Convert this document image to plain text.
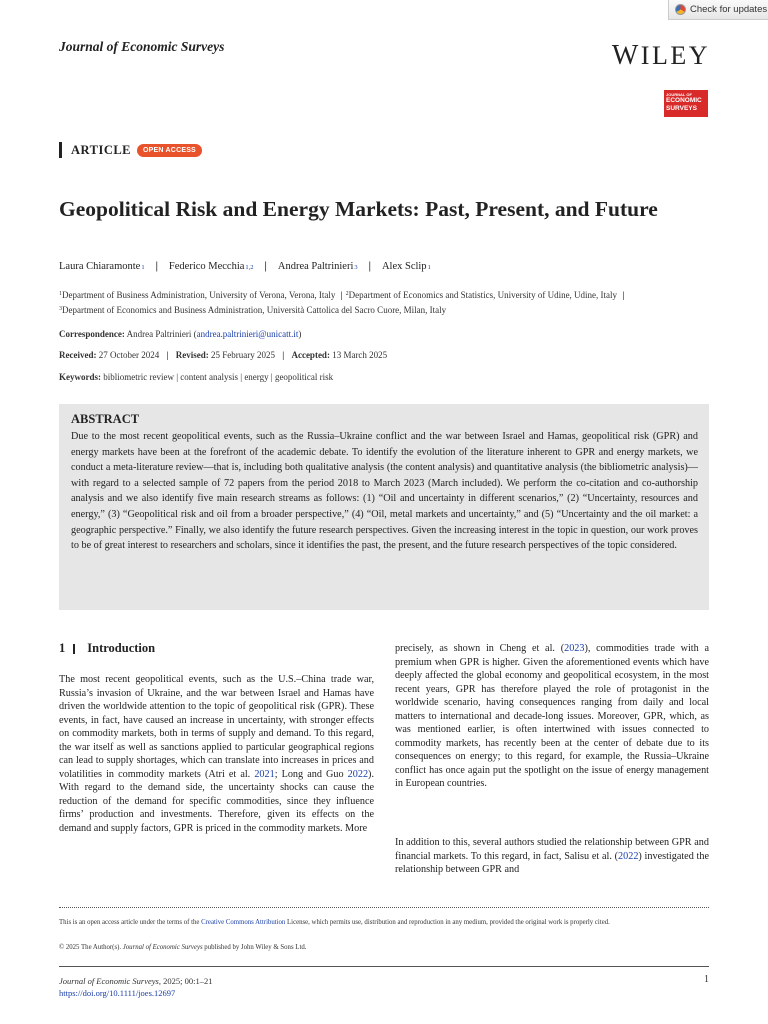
Check for updates
Journal of Economic Surveys	WILEY
JOURNAL OF
ECONOMIC
SURVEYS
ARTICLE	OPEN ACCESS
Geopolitical Risk and Energy Markets: Past, Present, and Future
Laura Chiaramonte 1 | Federico Mecchia 1,2 | Andrea Paltrinieri 3 | Alex Sclip 1
$^1$Department of Business Administration, University of Verona, Verona, Italy | $^2$Department of Economics and Statistics, University of Udine, Udine, Italy |
$^3$Department of Economics and Business Administration, Università Cattolica del Sacro Cuore, Milan, Italy
Correspondence: Andrea Paltrinieri (andrea.paltrinieri@unicatt.it)
Received: 27 October 2024 | Revised: 25 February 2025 | Accepted: 13 March 2025
Keywords: bibliometric review | content analysis | energy | geopolitical risk
ABSTRACT

Due to the most recent geopolitical events, such as the Russia–Ukraine conflict and the war between Israel and Hamas, geopolitical risk (GPR) and energy markets have been at the forefront of the academic debate. To identify the evolution of the literature inherent to GPR and energy markets, we conduct a meta-literature review—that is, including both qualitative analysis (the content analysis) and quantitative analysis (the bibliometric analysis)—with regard to a selected sample of 72 papers from the period 2018 to March 2023 (March included). We perform the co-citation and co-authorship analysis and we also identify five main research streams as follows: (1) “Oil and uncertainty in different scenarios,” (2) “Uncertainty, resources and energy,” (3) “Geopolitical risk and oil from a broader perspective,” (4) “Oil, metal markets and uncertainty,” and (5) “Uncertainty and the oil market: a geographic perspective.” Finally, we also identify the future research perspectives. Given the increasing interest in the topic in question, our work proves to be of great interest to researchers and scholars, since it identifies the past, the present, and the future research perspectives of the topic considered.

1 Introduction

The most recent geopolitical events, such as the U.S.–China trade war, Russia’s invasion of Ukraine, and the war between Israel and Hamas have driven the worldwide attention to the topic of geopolitical risk (GPR). These events, in fact, have caused an increase in uncertainty, with stronger effects on commodity markets, both in terms of supply and demand. To this regard, the war itself as well as sanctions applied to particular geographical regions can lead to supply shortages, which can translate into increases in prices and volatilities in commodity markets (Atri et al. 2021; Long and Guo 2022). With regard to the demand side, the uncertainty shocks can cause the reduction of the demand for specific commodities, since they influence firms’ production and investments. Therefore, given its effects on the demand and supply factors, GPR is priced in the commodity markets. More

precisely, as shown in Cheng et al. (2023), commodities trade with a premium when GPR is higher. Given the aforementioned events which have deeply affected the global economy and geopolitical ecosystem, in the most recent years, GPR has therefore played the role of protagonist in the worldwide scenario, having consequences ranging from daily and local matters to international and decade-long issues. Moreover, GPR, which, as was mentioned earlier, is often intertwined with issues connected to commodity markets, has recently been at the center of debate due to its consequences on energy; to this regard, for example, the Russia–Ukraine conflict has once again put the spotlight on the issue of energy management in European countries.

In addition to this, several authors studied the relationship between GPR and financial markets. To this regard, in fact, Salisu et al. (2022) investigated the relationship between GPR and

This is an open access article under the terms of the Creative Commons Attribution License, which permits use, distribution and reproduction in any medium, provided the original work is properly cited.

© 2025 The Author(s). Journal of Economic Surveys published by John Wiley & Sons Ltd.

Journal of Economic Surveys, 2025; 00:1–21
https://doi.org/10.1111/joes.12697
1
